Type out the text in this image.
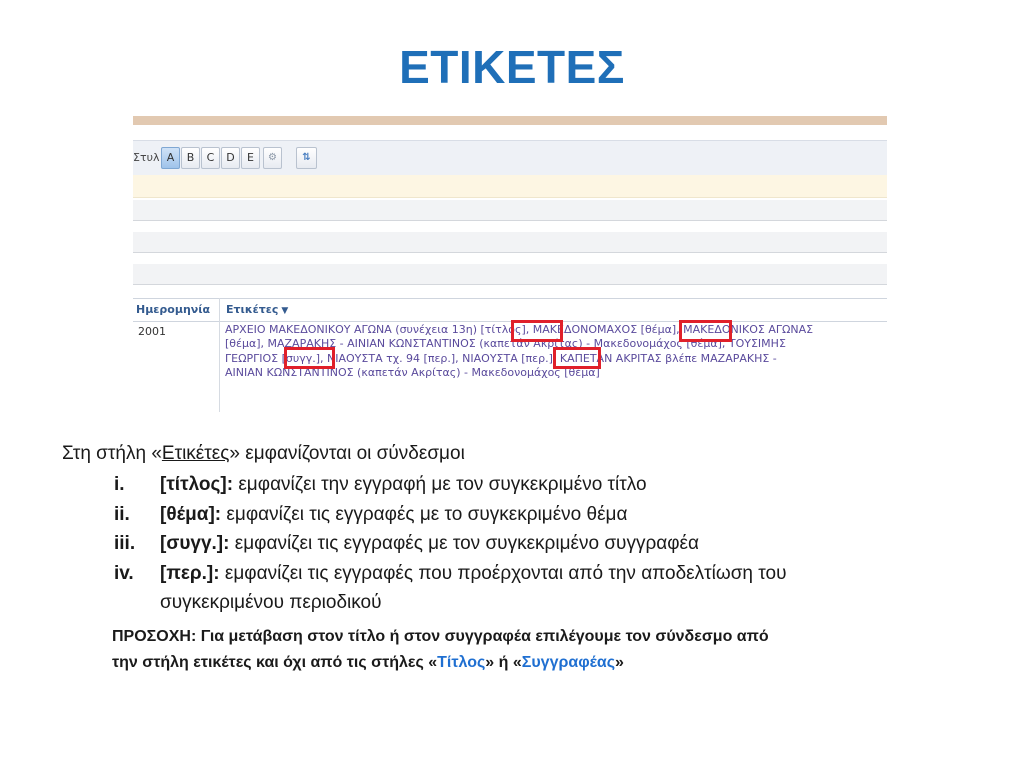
ΕΤΙΚΕΤΕΣ
Στυλ A	B	C	D	E	⚙	⇅
Ημερομηνία Ετικέτες ▼
2001	ΑΡΧΕΙΟ ΜΑΚΕΔΟΝΙΚΟΥ ΑΓΩΝΑ (συνέχεια 13η) [τίτλος], ΜΑΚΕΔΟΝΟΜΑΧΟΣ [θέμα], ΜΑΚΕΔΟΝΙΚΟΣ ΑΓΩΝΑΣ
[θέμα], ΜΑΖΑΡΑΚΗΣ - ΑΙΝΙΑΝ ΚΩΝΣΤΑΝΤΙΝΟΣ (καπετάν Ακρίτας) - Μακεδονομάχος [θέμα], ΤΟΥΣΙΜΗΣ
ΓΕΩΡΓΙΟΣ [συγγ.], ΝΙΑΟΥΣΤΑ τχ. 94 [περ.], ΝΙΑΟΥΣΤΑ [περ.], ΚΑΠΕΤΑΝ ΑΚΡΙΤΑΣ βλέπε ΜΑΖΑΡΑΚΗΣ -
ΑΙΝΙΑΝ ΚΩΝΣΤΑΝΤΙΝΟΣ (καπετάν Ακρίτας) - Μακεδονομάχος [θέμα]
Στη στήλη «Ετικέτες» εμφανίζονται οι σύνδεσμοι
i. [τίτλος]: εμφανίζει την εγγραφή με τον συγκεκριμένο τίτλο
ii. [θέμα]: εμφανίζει τις εγγραφές με το συγκεκριμένο θέμα
iii. [συγγ.]: εμφανίζει τις εγγραφές με τον συγκεκριμένο συγγραφέα
iv. [περ.]: εμφανίζει τις εγγραφές που προέρχονται από την αποδελτίωση του
συγκεκριμένου περιοδικού
ΠΡΟΣΟΧΗ: Για μετάβαση στον τίτλο ή στον συγγραφέα επιλέγουμε τον σύνδεσμο από
την στήλη ετικέτες και όχι από τις στήλες «Τίτλος» ή «Συγγραφέας»
